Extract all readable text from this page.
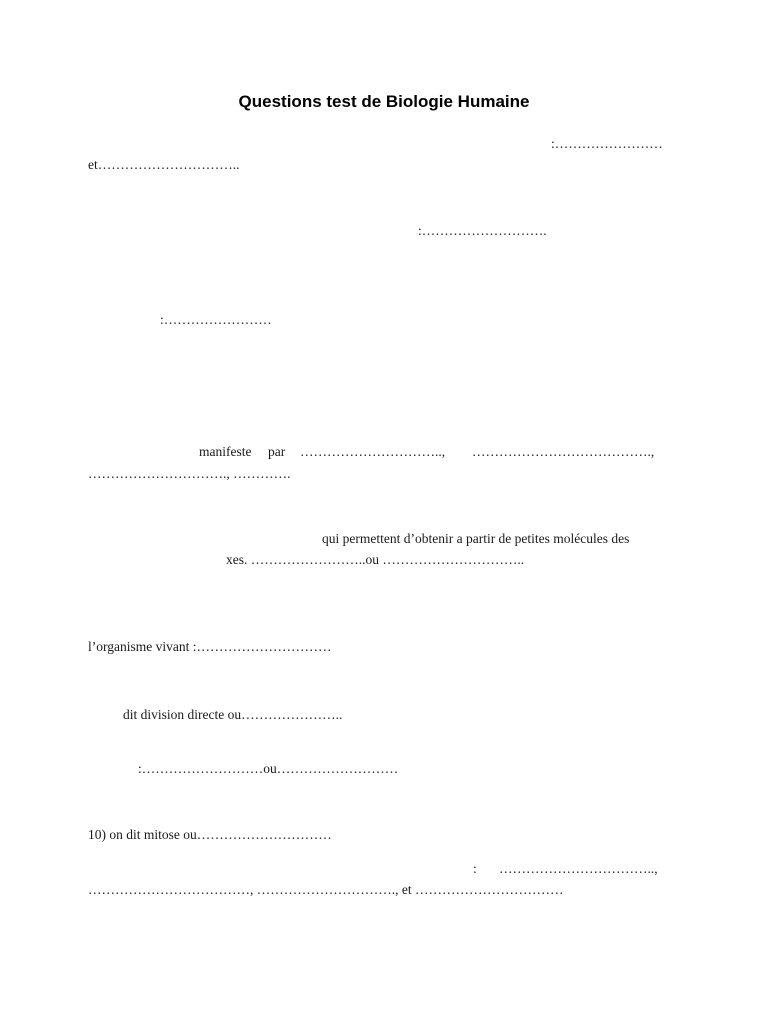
Questions test de Biologie Humaine
:……………………
et…………………………..
:……………………….
:……………………
manifeste par ………………………….., ………………………………….,
…………………………., ………….
qui permettent d’obtenir a partir de petites molécules des
xes. ……………………..ou …………………………..
l’organisme vivant :…………………………
dit division directe ou…………………..
:………………………ou………………………
10) on dit mitose ou…………………………
: ……………………………..,
………………………………, …………………………., et ……………………………
